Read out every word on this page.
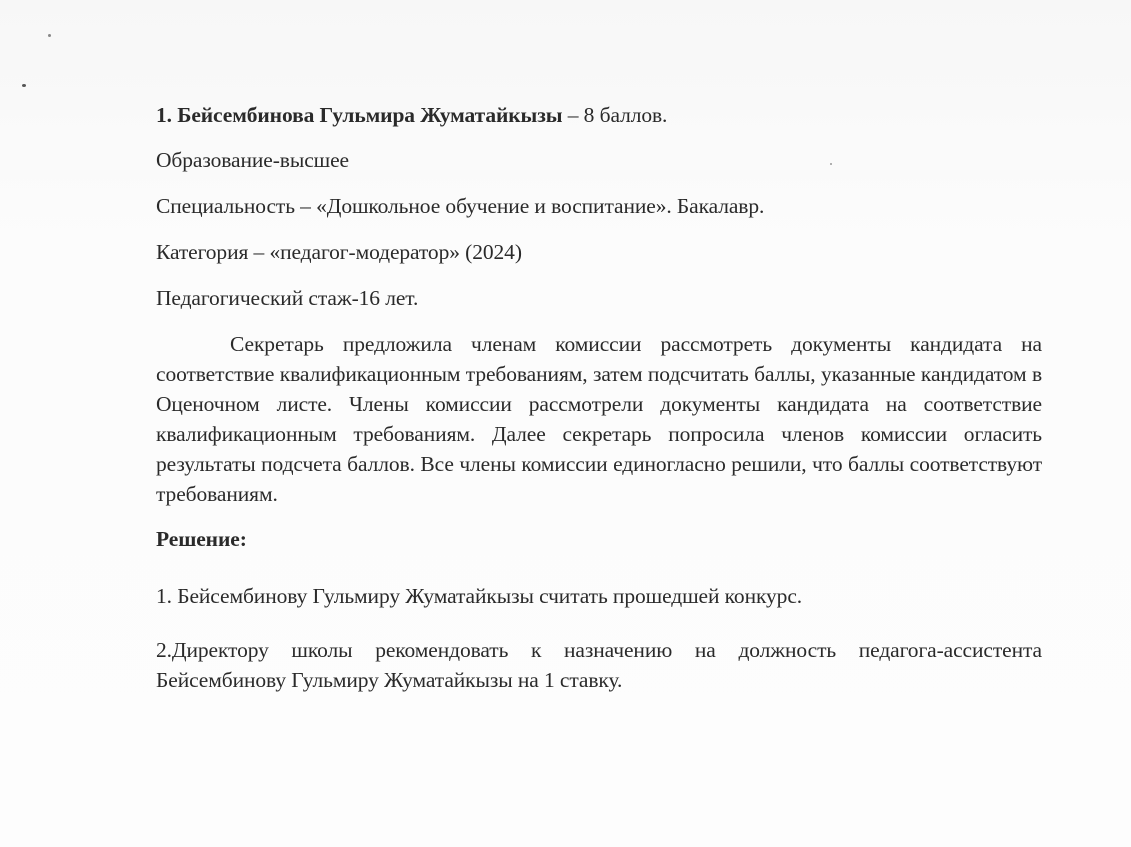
1. Бейсембинова Гульмира Жуматайкызы – 8 баллов.

Образование-высшее

Специальность – «Дошкольное обучение и воспитание». Бакалавр.

Категория – «педагог-модератор» (2024)

Педагогический стаж-16 лет.

Секретарь предложила членам комиссии рассмотреть документы кандидата на соответствие квалификационным требованиям, затем подсчитать баллы, указанные кандидатом в Оценочном листе. Члены комиссии рассмотрели документы кандидата на соответствие квалификационным требованиям. Далее секретарь попросила членов комиссии огласить результаты подсчета баллов. Все члены комиссии единогласно решили, что баллы соответствуют требованиям.

Решение:

1. Бейсембинову Гульмиру Жуматайкызы считать прошедшей конкурс.

2.Директору школы рекомендовать к назначению на должность педагога-ассистента Бейсембинову Гульмиру Жуматайкызы на 1 ставку.
